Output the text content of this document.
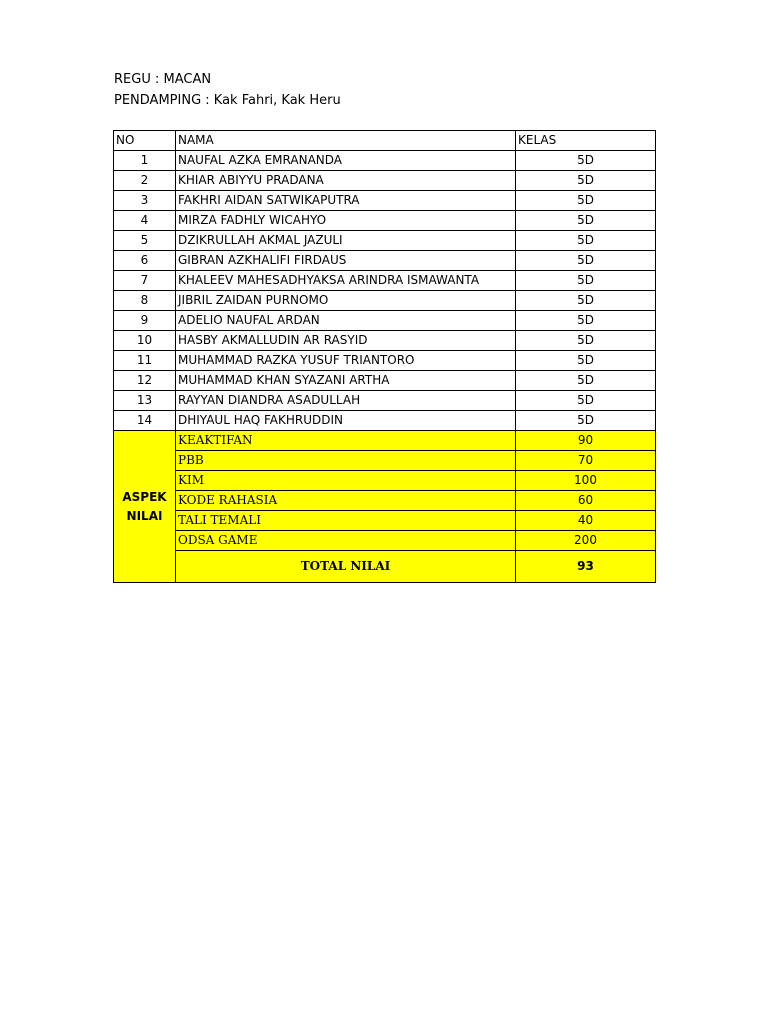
REGU : MACAN
PENDAMPING : Kak Fahri, Kak Heru
NO	NAMA	KELAS
1	NAUFAL AZKA EMRANANDA	5D
2	KHIAR ABIYYU PRADANA	5D
3	FAKHRI AIDAN SATWIKAPUTRA	5D
4	MIRZA FADHLY WICAHYO	5D
5	DZIKRULLAH AKMAL JAZULI	5D
6	GIBRAN AZKHALIFI FIRDAUS	5D
7	KHALEEV MAHESADHYAKSA ARINDRA ISMAWANTA	5D
8	JIBRIL ZAIDAN PURNOMO	5D
9	ADELIO NAUFAL ARDAN	5D
10	HASBY AKMALLUDIN AR RASYID	5D
11	MUHAMMAD RAZKA YUSUF TRIANTORO	5D
12	MUHAMMAD KHAN SYAZANI ARTHA	5D
13	RAYYAN DIANDRA ASADULLAH	5D
14	DHIYAUL HAQ FAKHRUDDIN	5D

ASPEK
NILAI	KEAKTIFAN	90
	PBB	70
	KIM	100
	KODE RAHASIA	60
	TALI TEMALI	40
	ODSA GAME	200
	TOTAL NILAI	93
